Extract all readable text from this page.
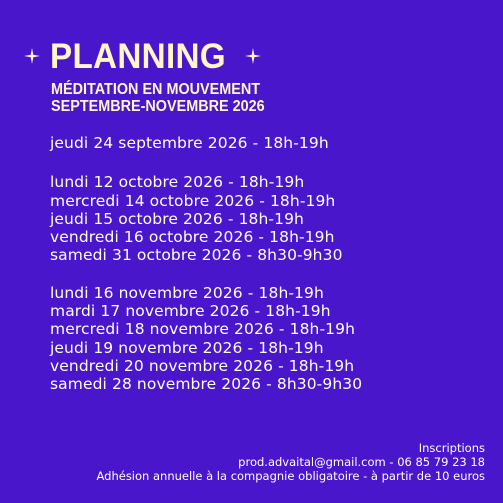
PLANNING
MÉDITATION EN MOUVEMENT
SEPTEMBRE-NOVEMBRE 2026
jeudi 24 septembre 2026 - 18h-19h
lundi 12 octobre 2026 - 18h-19h
mercredi 14 octobre 2026 - 18h-19h
jeudi 15 octobre 2026 - 18h-19h
vendredi 16 octobre 2026 - 18h-19h
samedi 31 octobre 2026 - 8h30-9h30
lundi 16 novembre 2026 - 18h-19h
mardi 17 novembre 2026 - 18h-19h
mercredi 18 novembre 2026 - 18h-19h
jeudi 19 novembre 2026 - 18h-19h
vendredi 20 novembre 2026 - 18h-19h
samedi 28 novembre 2026 - 8h30-9h30
Inscriptions
prod.advaital@gmail.com - 06 85 79 23 18
Adhésion annuelle à la compagnie obligatoire - à partir de 10 euros
